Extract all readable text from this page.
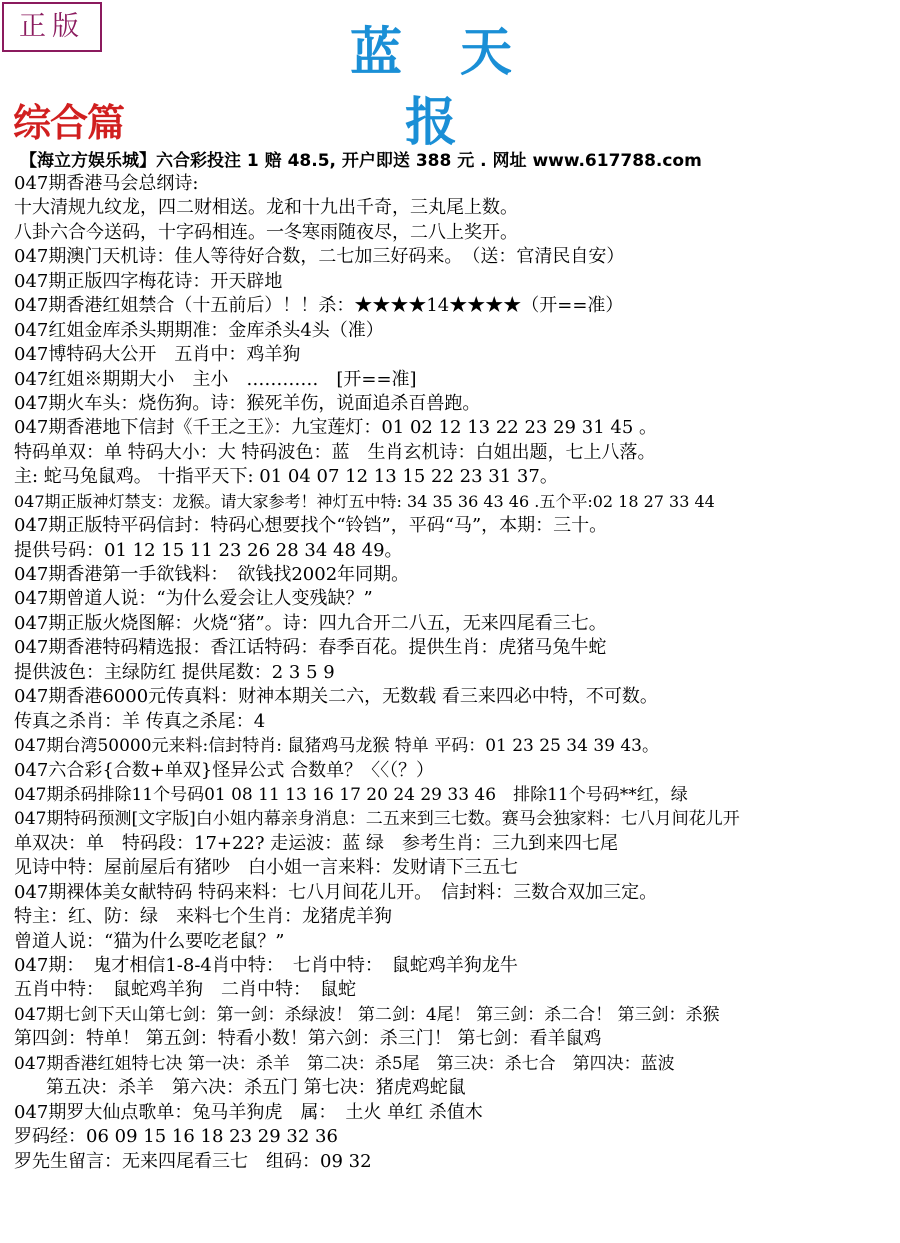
正版	蓝天报
综合篇
【海立方娱乐城】六合彩投注 1 赔 48.5, 开户即送 388 元 . 网址 www.617788.com
047期香港马会总纲诗:
十大清规九纹龙，四二财相送。龙和十九出千奇，三丸尾上数。
八卦六合今送码，十字码相连。一冬寒雨随夜尽，二八上奖开。
047期澳门天机诗：佳人等待好合数，二七加三好码来。　（送：官清民自安）
047期正版四字梅花诗：开天辟地
047期香港红姐禁合（十五前后）！！杀：★★★★14★★★★（开==准）
047红姐金库杀头期期准：金库杀头4头（准）
047博特码大公开　五肖中：鸡羊狗
047红姐※期期大小　主小　…………　[开==准]
047期火车头：烧伤狗。诗：猴死羊伤，说面追杀百兽跑。
047期香港地下信封《千王之王》：九宝莲灯：01 02 12 13 22 23 29 31 45 。
特码单双：单 特码大小：大 特码波色：蓝　生肖玄机诗：白姐出题，七上八落。
主: 蛇马兔鼠鸡。 十指平天下: 01 04 07 12 13 15 22 23 31 37。
047期正版神灯禁支：龙猴。请大家参考！神灯五中特: 34 35 36 43 46 .五个平:02 18 27 33 44
047期正版特平码信封：特码心想要找个“铃铛”，平码“马”，本期：三十。
提供号码：01 12 15 11 23 26 28 34 48 49。
047期香港第一手欲钱料：　欲钱找2002年同期。
047期曾道人说：“为什么爱会让人变残缺？”
047期正版火烧图解：火烧“猪”。诗：四九合开二八五，无来四尾看三七。
047期香港特码精选报：香江话特码：春季百花。提供生肖：虎猪马兔牛蛇
提供波色：主绿防红 提供尾数：2 3 5 9
047期香港6000元传真料：财神本期关二六，无数载 看三来四必中特，不可数。
传真之杀肖：羊 传真之杀尾：4
047期台湾50000元来料:信封特肖: 鼠猪鸡马龙猴 特单 平码：01 23 25 34 39 43。
047六合彩{合数+单双}怪异公式 合数单？〈〈（？）
047期杀码排除11个号码01 08 11 13 16 17 20 24 29 33 46　排除11个号码**红，绿
047期特码预测[文字版]白小姐内幕亲身消息：二五来到三七数。赛马会独家料：七八月间花儿开
单双决：单　特码段：17+22? 走运波：蓝 绿　参考生肖：三九到来四七尾
见诗中特：屋前屋后有猪吵　白小姐一言来料：发财请下三五七
047期裸体美女献特码 特码来料：七八月间花儿开。　信封料：三数合双加三定。
特主：红、防：绿　来料七个生肖：龙猪虎羊狗
曾道人说：“猫为什么要吃老鼠？”
047期：　鬼才相信1-8-4肖中特：　七肖中特：　鼠蛇鸡羊狗龙牛
五肖中特：　鼠蛇鸡羊狗　二肖中特：　鼠蛇
047期七剑下天山第七剑：第一剑：杀绿波！ 第二剑：4尾！ 第三剑：杀二合！ 第三剑：杀猴
第四剑：特单！ 第五剑：特看小数！第六剑：杀三门！ 第七剑：看羊鼠鸡
047期香港红姐特七决 第一决：杀羊　第二决：杀5尾　第三决：杀七合　第四决：蓝波
第五决：杀羊　第六决：杀五门 第七决：猪虎鸡蛇鼠
047期罗大仙点歌单：兔马羊狗虎　属：　土火 单红 杀值木
罗码经：06 09 15 16 18 23 29 32 36
罗先生留言：无来四尾看三七　组码：09 32
